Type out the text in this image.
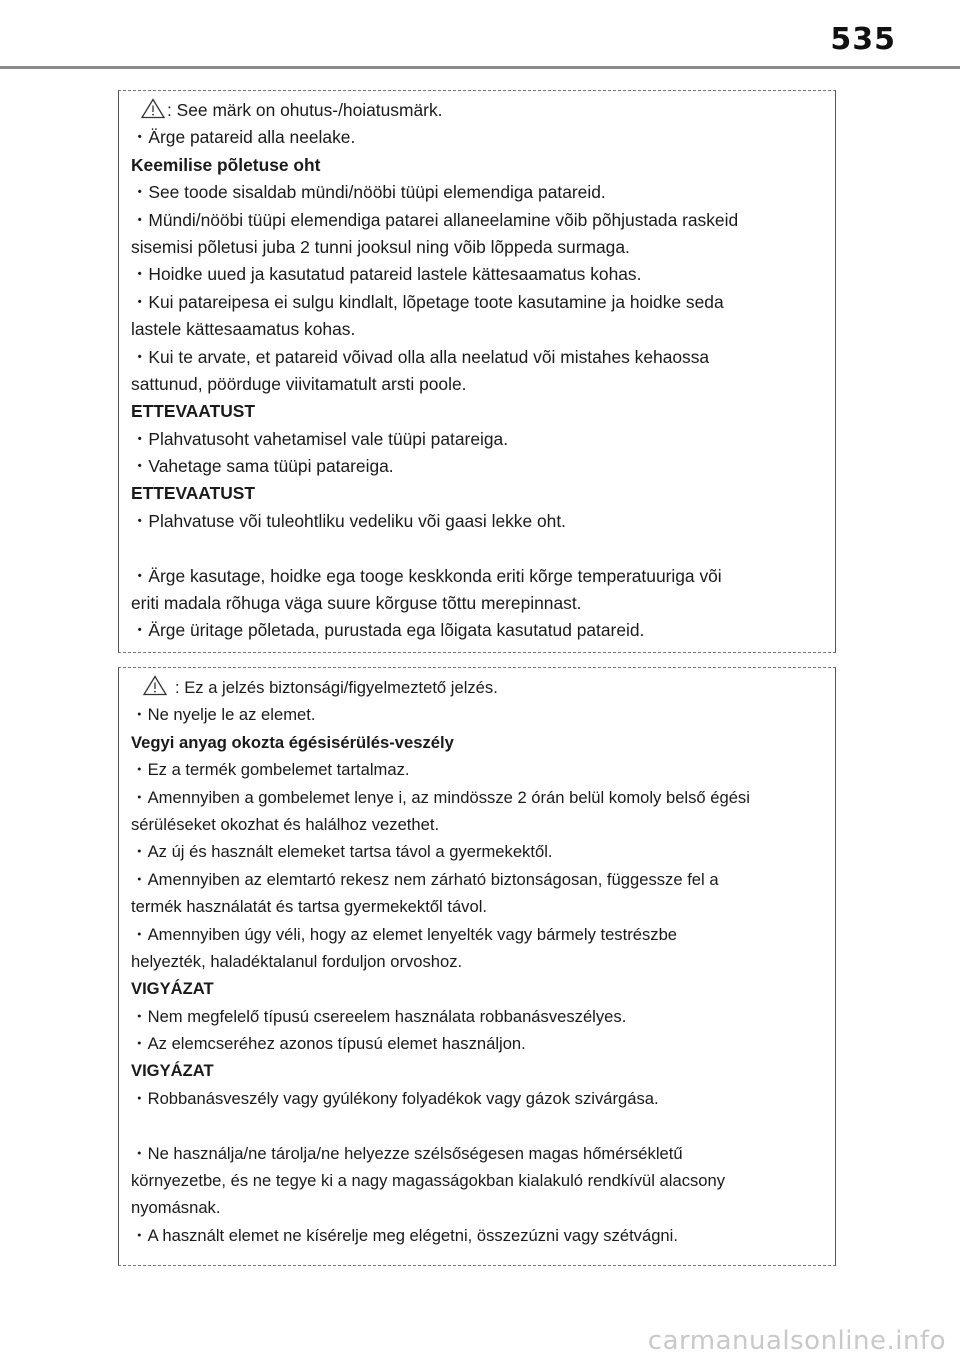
535

: See märk on ohutus-/hoiatusmärk.

・Ärge patareid alla neelake.

Keemilise põletuse oht

・See toode sisaldab mündi/nööbi tüüpi elemendiga patareid.

・Mündi/nööbi tüüpi elemendiga patarei allaneelamine võib põhjustada raskeid

sisemisi põletusi juba 2 tunni jooksul ning võib lõppeda surmaga.

・Hoidke uued ja kasutatud patareid lastele kättesaamatus kohas.

・Kui patareipesa ei sulgu kindlalt, lõpetage toote kasutamine ja hoidke seda

lastele kättesaamatus kohas.

・Kui te arvate, et patareid võivad olla alla neelatud või mistahes kehaossa

sattunud, pöörduge viivitamatult arsti poole.

ETTEVAATUST

・Plahvatusoht vahetamisel vale tüüpi patareiga.

・Vahetage sama tüüpi patareiga.

ETTEVAATUST

・Plahvatuse või tuleohtliku vedeliku või gaasi lekke oht.

・Ärge kasutage, hoidke ega tooge keskkonda eriti kõrge temperatuuriga või

eriti madala rõhuga väga suure kõrguse tõttu merepinnast.

・Ärge üritage põletada, purustada ega lõigata kasutatud patareid.

: Ez a jelzés biztonsági/figyelmeztető jelzés.

・Ne nyelje le az elemet.

Vegyi anyag okozta égésisérülés-veszély

・Ez a termék gombelemet tartalmaz.

・Amennyiben a gombelemet lenye i, az mindössze 2 órán belül komoly belső égési

sérüléseket okozhat és halálhoz vezethet.

・Az új és használt elemeket tartsa távol a gyermekektől.

・Amennyiben az elemtartó rekesz nem zárható biztonságosan, függessze fel a

termék használatát és tartsa gyermekektől távol.

・Amennyiben úgy véli, hogy az elemet lenyelték vagy bármely testrészbe

helyezték, haladéktalanul forduljon orvoshoz.

VIGYÁZAT

・Nem megfelelő típusú csereelem használata robbanásveszélyes.

・Az elemcseréhez azonos típusú elemet használjon.

VIGYÁZAT

・Robbanásveszély vagy gyúlékony folyadékok vagy gázok szivárgása.

・Ne használja/ne tárolja/ne helyezze szélsőségesen magas hőmérsékletű

környezetbe, és ne tegye ki a nagy magasságokban kialakuló rendkívül alacsony

nyomásnak.

・A használt elemet ne kísérelje meg elégetni, összezúzni vagy szétvágni.

carmanualsonline.info
